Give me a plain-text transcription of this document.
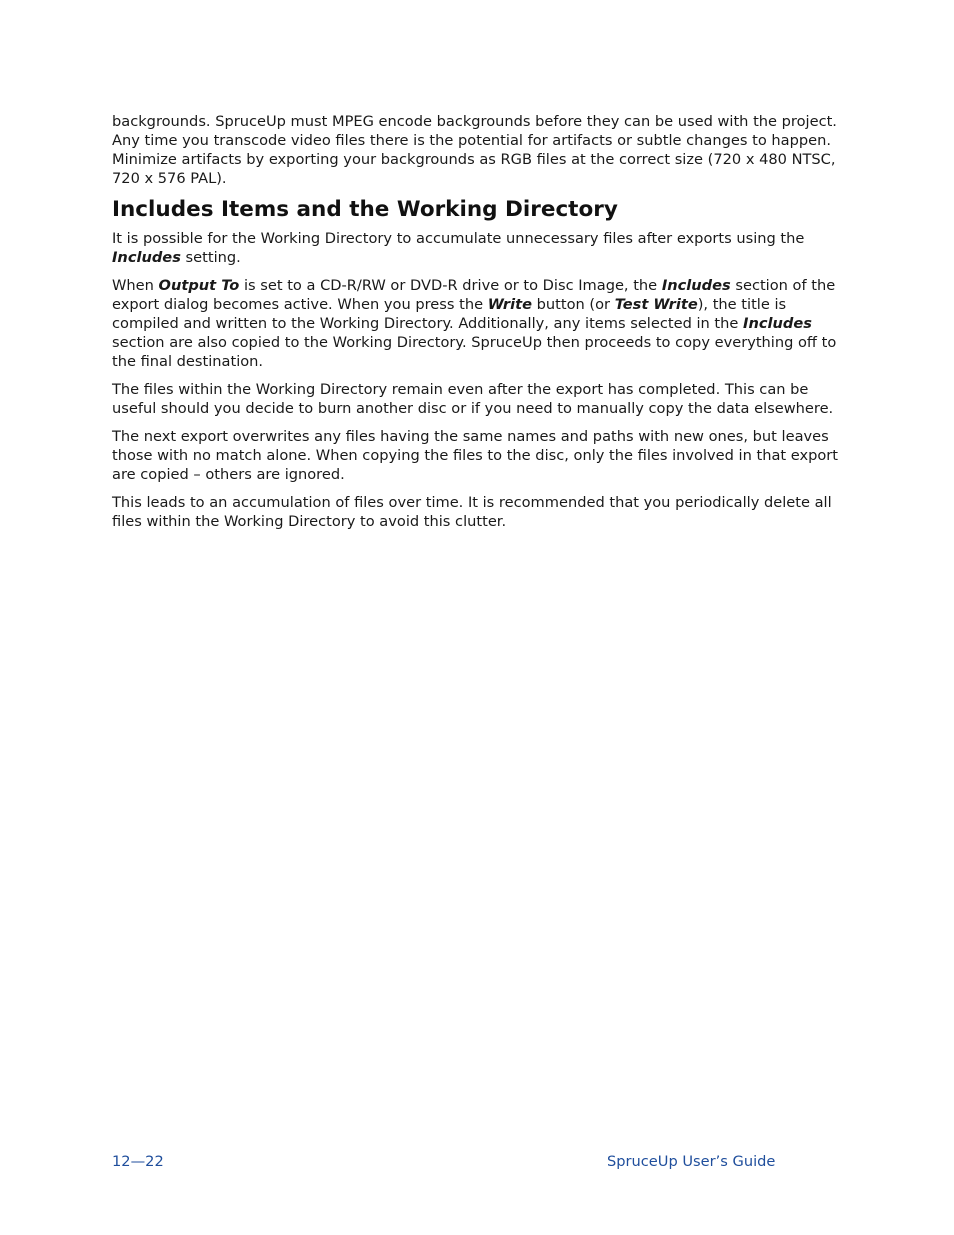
backgrounds. SpruceUp must MPEG encode backgrounds before they can be used with the project. Any time you transcode video files there is the potential for artifacts or subtle changes to happen. Minimize artifacts by exporting your backgrounds as RGB files at the correct size (720 x 480 NTSC, 720 x 576 PAL).

Includes Items and the Working Directory

It is possible for the Working Directory to accumulate unnecessary files after exports using the Includes setting.

When Output To is set to a CD-R/RW or DVD-R drive or to Disc Image, the Includes section of the export dialog becomes active. When you press the Write button (or Test Write), the title is compiled and written to the Working Directory. Additionally, any items selected in the Includes section are also copied to the Working Directory. SpruceUp then proceeds to copy everything off to the final destination.

The files within the Working Directory remain even after the export has completed. This can be useful should you decide to burn another disc or if you need to manually copy the data elsewhere.

The next export overwrites any files having the same names and paths with new ones, but leaves those with no match alone. When copying the files to the disc, only the files involved in that export are copied – others are ignored.

This leads to an accumulation of files over time. It is recommended that you periodically delete all files within the Working Directory to avoid this clutter.

12—22	SpruceUp User’s Guide
